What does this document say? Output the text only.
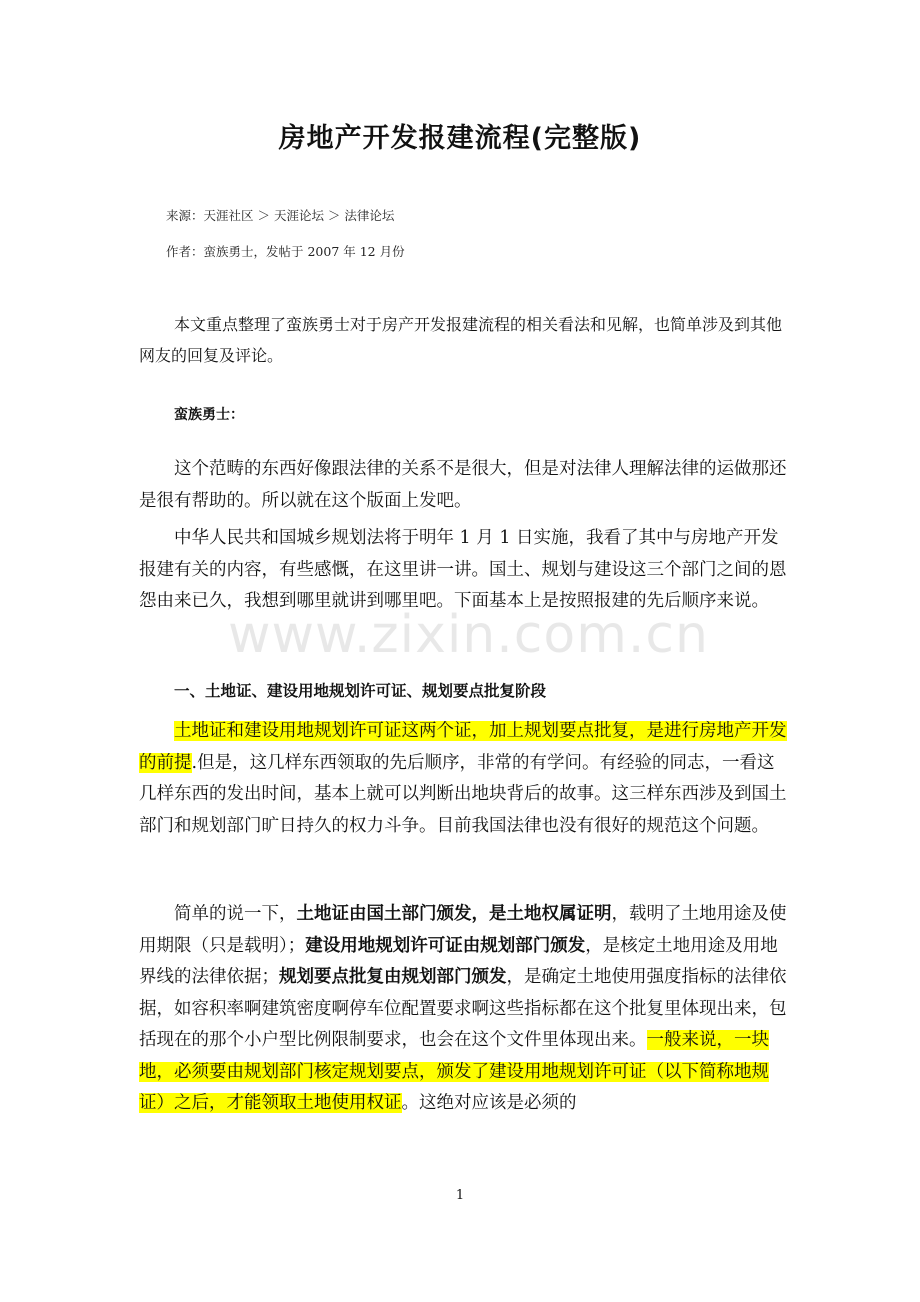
房地产开发报建流程(完整版)
来源：天涯社区 ＞ 天涯论坛 ＞ 法律论坛
作者：蛮族勇士，发帖于 2007 年 12 月份
本文重点整理了蛮族勇士对于房产开发报建流程的相关看法和见解，也简单涉及到其他网友的回复及评论。
蛮族勇士：
这个范畴的东西好像跟法律的关系不是很大，但是对法律人理解法律的运做那还是很有帮助的。所以就在这个版面上发吧。
中华人民共和国城乡规划法将于明年 1 月 1 日实施，我看了其中与房地产开发报建有关的内容，有些感慨，在这里讲一讲。国土、规划与建设这三个部门之间的恩怨由来已久，我想到哪里就讲到哪里吧。下面基本上是按照报建的先后顺序来说。
一、土地证、建设用地规划许可证、规划要点批复阶段
土地证和建设用地规划许可证这两个证，加上规划要点批复，是进行房地产开发的前提.但是，这几样东西领取的先后顺序，非常的有学问。有经验的同志，一看这几样东西的发出时间，基本上就可以判断出地块背后的故事。这三样东西涉及到国土部门和规划部门旷日持久的权力斗争。目前我国法律也没有很好的规范这个问题。
简单的说一下，土地证由国土部门颁发，是土地权属证明，载明了土地用途及使用期限（只是载明）；建设用地规划许可证由规划部门颁发，是核定土地用途及用地界线的法律依据；规划要点批复由规划部门颁发，是确定土地使用强度指标的法律依据，如容积率啊建筑密度啊停车位配置要求啊这些指标都在这个批复里体现出来，包括现在的那个小户型比例限制要求，也会在这个文件里体现出来。一般来说，一块地，必须要由规划部门核定规划要点，颁发了建设用地规划许可证（以下简称地规证）之后，才能领取土地使用权证。这绝对应该是必须的
www.zixin.com.cn
1
